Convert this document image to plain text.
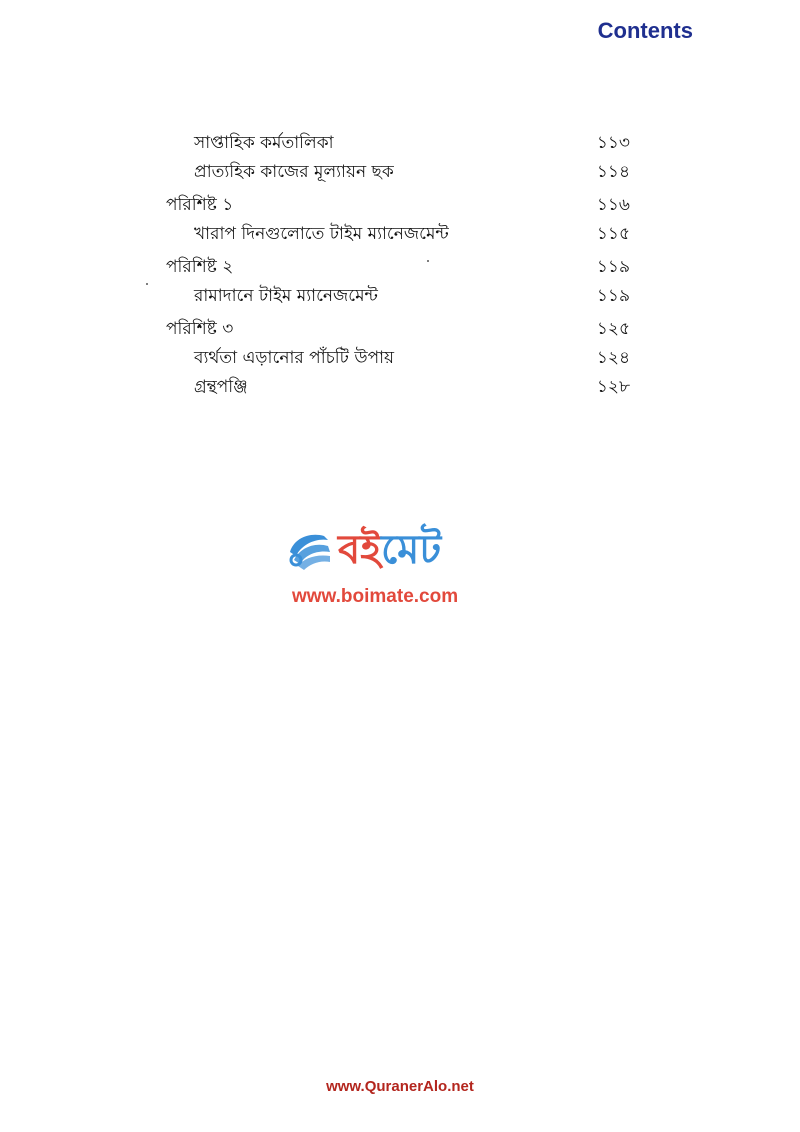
Contents
সাপ্তাহিক কর্মতালিকা	১১৩
প্রাত্যহিক কাজের মূল্যায়ন ছক	১১৪
পরিশিষ্ট ১	১১৬
খারাপ দিনগুলোতে টাইম ম্যানেজমেন্ট	১১৫
পরিশিষ্ট ২	১১৯
রামাদানে টাইম ম্যানেজমেন্ট	১১৯
পরিশিষ্ট ৩	১২৫
ব্যর্থতা এড়ানোর পাঁচটি উপায়	১২৪
গ্রন্থপঞ্জি	১২৮
বইমেট
www.boimate.com
www.QuranerAlo.net
